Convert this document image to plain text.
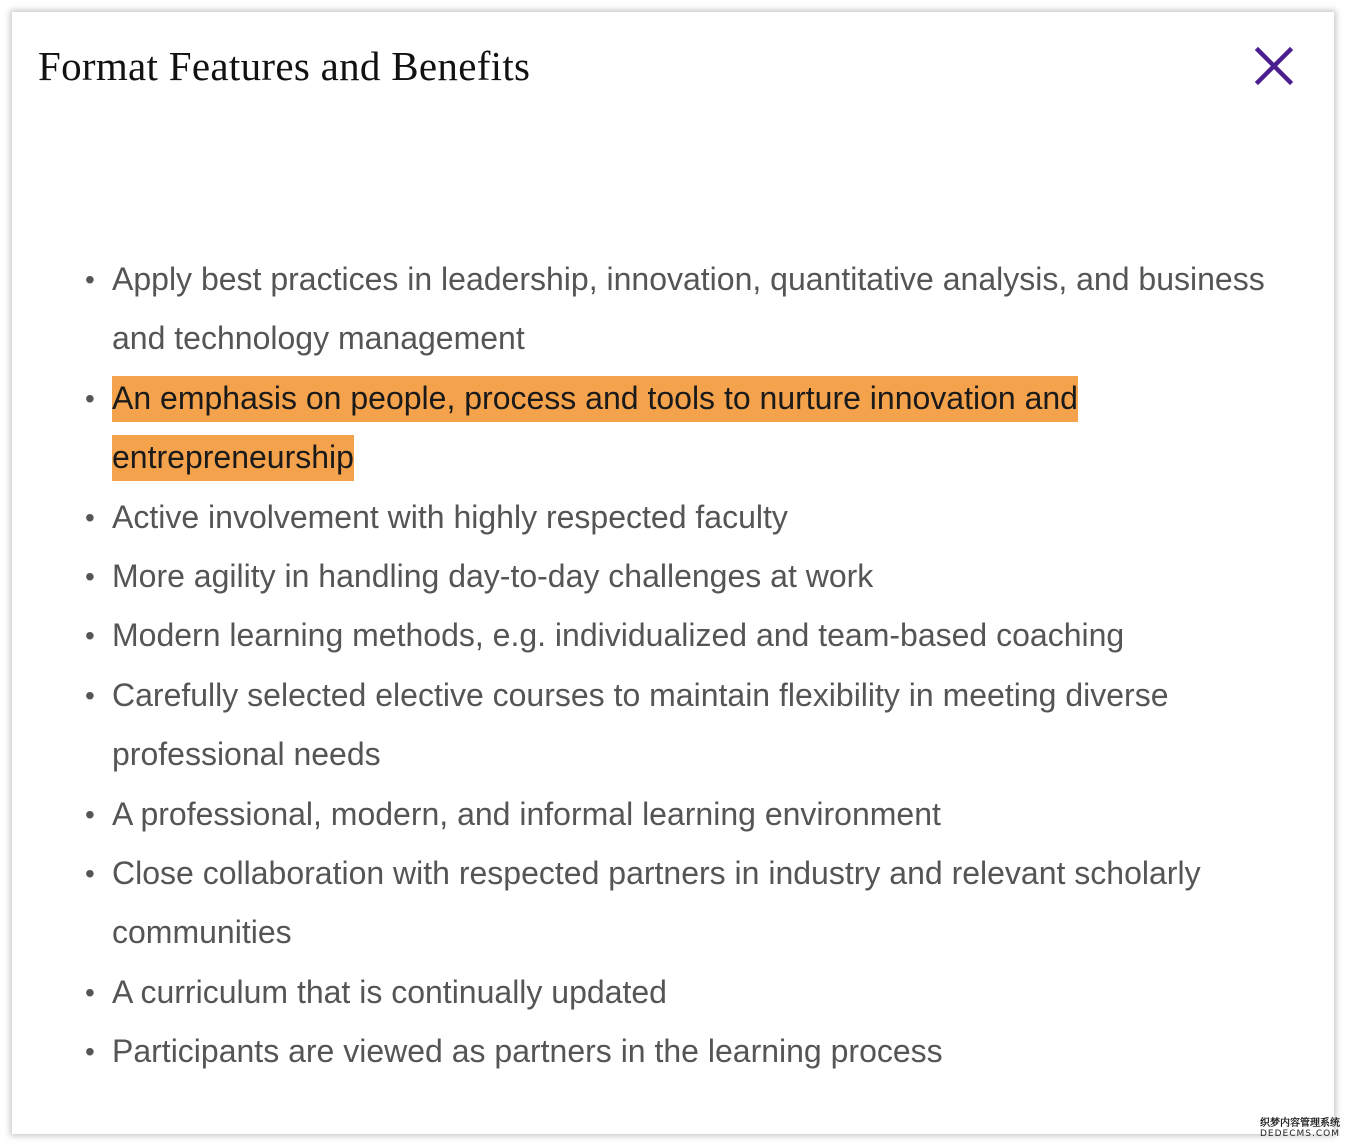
Format Features and Benefits
• Apply best practices in leadership, innovation, quantitative analysis, and business and technology management
• An emphasis on people, process and tools to nurture innovation and entrepreneurship
• Active involvement with highly respected faculty
• More agility in handling day-to-day challenges at work
• Modern learning methods, e.g. individualized and team-based coaching
• Carefully selected elective courses to maintain flexibility in meeting diverse professional needs
• A professional, modern, and informal learning environment
• Close collaboration with respected partners in industry and relevant scholarly communities
• A curriculum that is continually updated
• Participants are viewed as partners in the learning process
织梦内容管理系统
DEDECMS.COM
